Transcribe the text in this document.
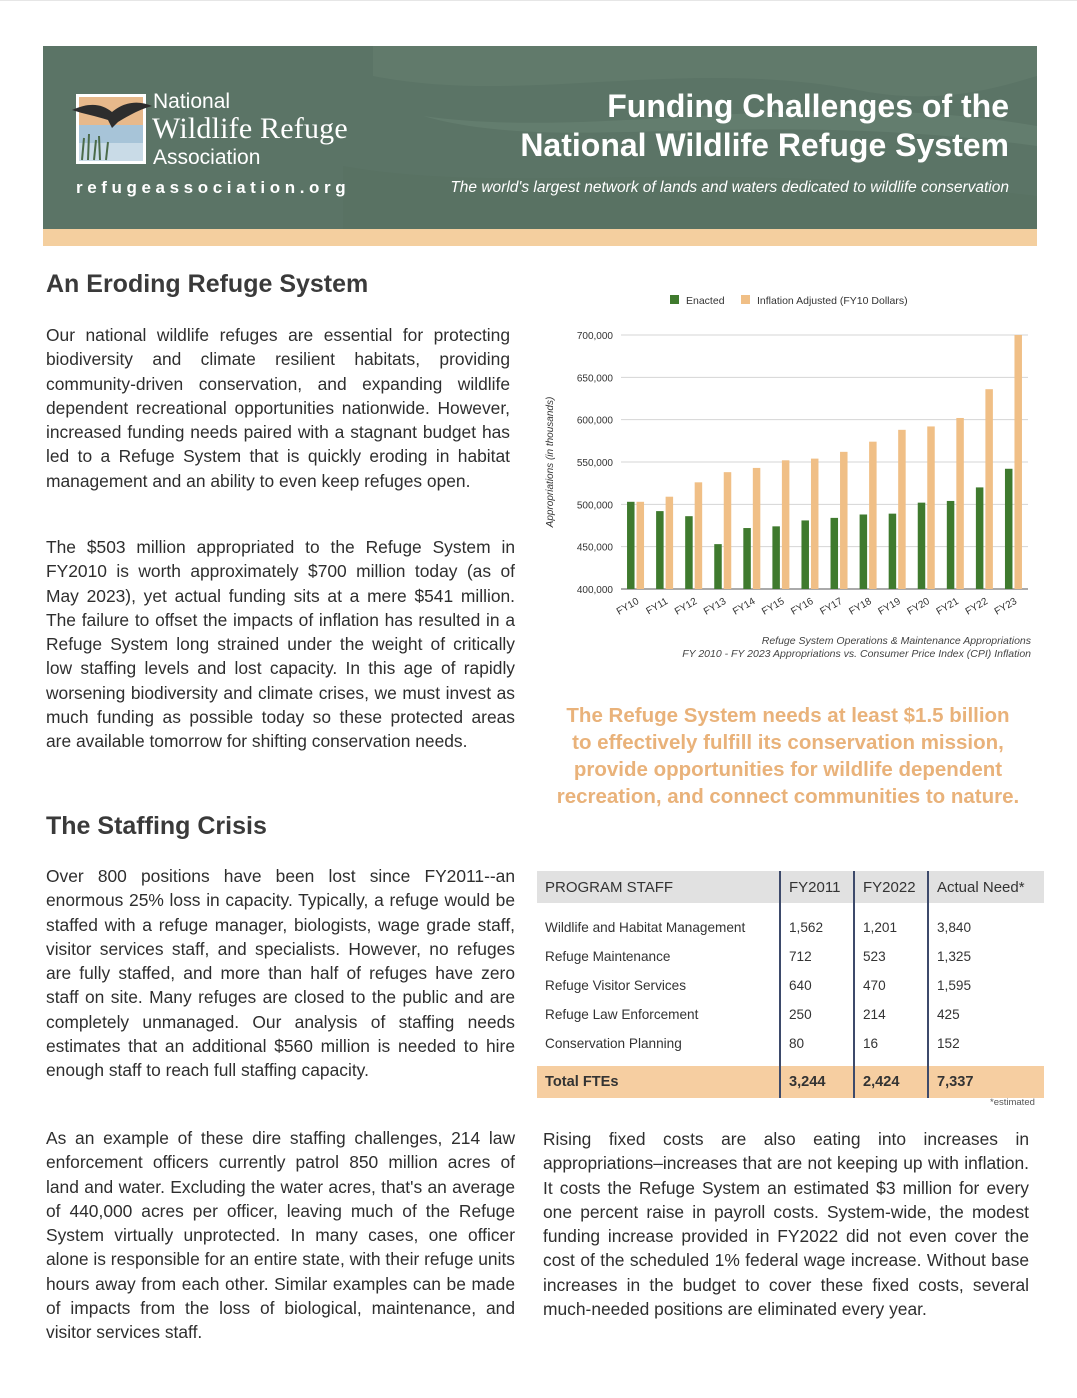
National
Wildlife Refuge
Association
refugeassociation.org
Funding Challenges of the
National Wildlife Refuge System
The world's largest network of lands and waters dedicated to wildlife conservation
An Eroding Refuge System

Our national wildlife refuges are essential for protecting biodiversity and climate resilient habitats, providing community-driven conservation, and expanding wildlife dependent recreational opportunities nationwide. However, increased funding needs paired with a stagnant budget has led to a Refuge System that is quickly eroding in habitat management and an ability to even keep refuges open.

The $503 million appropriated to the Refuge System in FY2010 is worth approximately $700 million today (as of May 2023), yet actual funding sits at a mere $541 million. The failure to offset the impacts of inflation has resulted in a Refuge System long strained under the weight of critically low staffing levels and lost capacity. In this age of rapidly worsening biodiversity and climate crises, we must invest as much funding as possible today so these protected areas are available tomorrow for shifting conservation needs.

The Staffing Crisis

Over 800 positions have been lost since FY2011--an enormous 25% loss in capacity. Typically, a refuge would be staffed with a refuge manager, biologists, wage grade staff, visitor services staff, and specialists. However, no refuges are fully staffed, and more than half of refuges have zero staff on site. Many refuges are closed to the public and are completely unmanaged. Our analysis of staffing needs estimates that an additional $560 million is needed to hire enough staff to reach full staffing capacity.

As an example of these dire staffing challenges, 214 law enforcement officers currently patrol 850 million acres of land and water. Excluding the water acres, that's an average of 440,000 acres per officer, leaving much of the Refuge System virtually unprotected. In many cases, one officer alone is responsible for an entire state, with their refuge units hours away from each other. Similar examples can be made of impacts from the loss of biological, maintenance, and visitor services staff.

Enacted	Inflation Adjusted (FY10 Dollars)
400,000
450,000
500,000
550,000
600,000
650,000
700,000
FY10 FY11 FY12 FY13 FY14 FY15 FY16 FY17 FY18 FY19 FY20 FY21 FY22 FY23
Appropriations (in thousands)
Refuge System Operations & Maintenance Appropriations
FY 2010 - FY 2023 Appropriations vs. Consumer Price Index (CPI) Inflation
The Refuge System needs at least $1.5 billion
to effectively fulfill its conservation mission,
provide opportunities for wildlife dependent
recreation, and connect communities to nature.
PROGRAM STAFF	FY2011	FY2022	Actual Need*
Wildlife and Habitat Management	1,562	1,201	3,840
Refuge Maintenance	712	523	1,325
Refuge Visitor Services	640	470	1,595
Refuge Law Enforcement	250	214	425
Conservation Planning	80	16	152
Total FTEs	3,244	2,424	7,337
*estimated

Rising fixed costs are also eating into increases in appropriations–increases that are not keeping up with inflation. It costs the Refuge System an estimated $3 million for every one percent raise in payroll costs. System-wide, the modest funding increase provided in FY2022 did not even cover the cost of the scheduled 1% federal wage increase. Without base increases in the budget to cover these fixed costs, several much-needed positions are eliminated every year.
